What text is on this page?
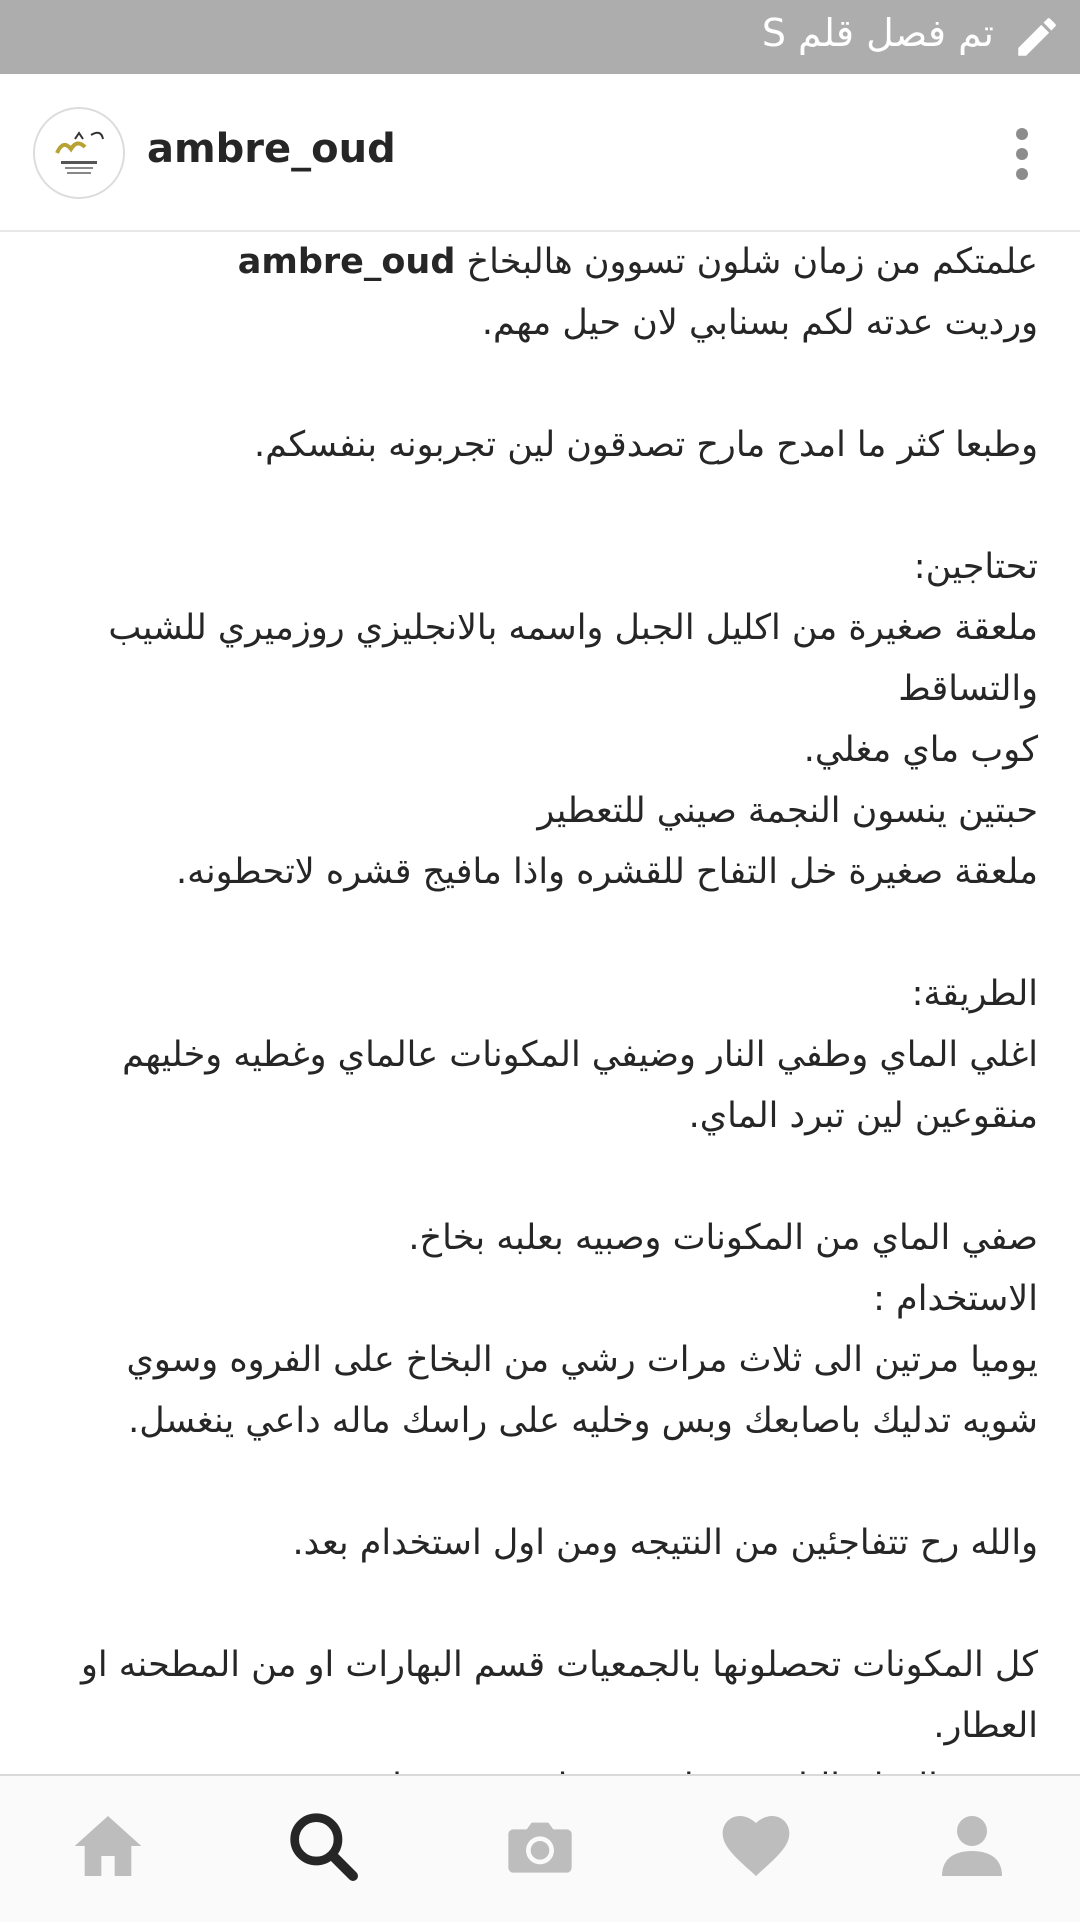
تم فصل قلم S
ambre_oud

علمتكم من زمان شلون تسوون هالبخاخ ambre_oud

ورديت عدته لكم بسنابي لان حيل مهم.

وطبعا كثر ما امدح مارح تصدقون لين تجربونه بنفسكم.

تحتاجين:

ملعقة صغيرة من اكليل الجبل واسمه بالانجليزي روزميري للشيب والتساقط

كوب ماي مغلي.

حبتين ينسون النجمة صيني للتعطير

ملعقة صغيرة خل التفاح للقشره واذا مافيج قشره لاتحطونه.

الطريقة:

اغلي الماي وطفي النار وضيفي المكونات عالماي وغطيه وخليهم منقوعين لين تبرد الماي.

صفي الماي من المكونات وصبيه بعلبه بخاخ.

الاستخدام :

يوميا مرتين الى ثلاث مرات رشي من البخاخ على الفروه وسوي شويه تدليك باصابعك وبس وخليه على راسك ماله داعي ينغسل.

والله رح تتفاجئين من النتيجه ومن اول استخدام بعد.

كل المكونات تحصلونها بالجمعيات قسم البهارات او من المطحنه او العطار.
